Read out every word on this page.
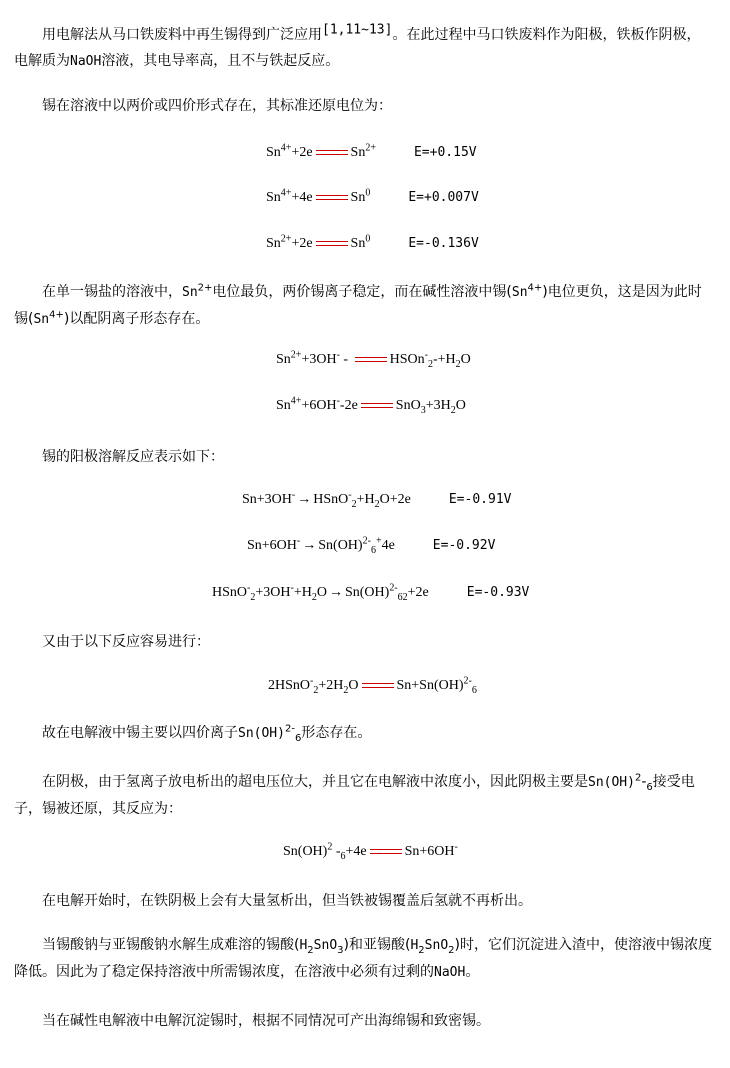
用电解法从马口铁废料中再生锡得到广泛应用[1,11~13]。在此过程中马口铁废料作为阳极，铁板作阴极，电解质为NaOH溶液，其电导率高，且不与铁起反应。
锡在溶液中以两价或四价形式存在，其标准还原电位为：
$Sn^{4+}+2e$	$Sn^{2+}$	E=+0.15V
$Sn^{4+}+4e$	Sn$^0$	E=+0.007V
$Sn^{2+}+2e$	Sn$^0$	E=-0.136V
在单一锡盐的溶液中，$Sn^{2+}$电位最负，两价锡离子稳定，而在碱性溶液中锡$(Sn^{4+})$电位更负，这是因为此时锡$(Sn^{4+})$以配阴离子形态存在。
$Sn^{2+}+3OH^-$ -	$HSOn^-_2-+H_2O$
$Sn^{4+}+6OH^--2e$	$SnO_3+3H_2O$
锡的阳极溶解反应表示如下：
$Sn+3OH^- \to HSnO^-_2+H_2O+2e$	E=-0.91V
Sn+6OH- → Sn(OH)$^{2-}_6$+4e	E=-0.92V
$HSnO^-_2+3OH^-+H_2O \to Sn(OH)^{2-}_{62}+2e$	E=-0.93V
又由于以下反应容易进行：
$2HSnO^-_2+2H_2O$	Sn+Sn(OH)$^{2-}_6$
故在电解液中锡主要以四价离子Sn(OH)$^{2-}_6$形态存在。
在阴极，由于氢离子放电析出的超电压位大，并且它在电解液中浓度小，因此阴极主要是$Sn(OH)^2-_6$接受电子，锡被还原，其反应为：
Sn(OH)$^2$ $-_6+4e$	Sn+6OH-
在电解开始时，在铁阴极上会有大量氢析出，但当铁被锡覆盖后氢就不再析出。
当锡酸钠与亚锡酸钠水解生成难溶的锡酸$(H_2SnO_3)$和亚锡酸$(H_2SnO_2)$时，它们沉淀进入渣中，使溶液中锡浓度降低。因此为了稳定保持溶液中所需锡浓度，在溶液中必须有过剩的NaOH。
当在碱性电解液中电解沉淀锡时，根据不同情况可产出海绵锡和致密锡。
